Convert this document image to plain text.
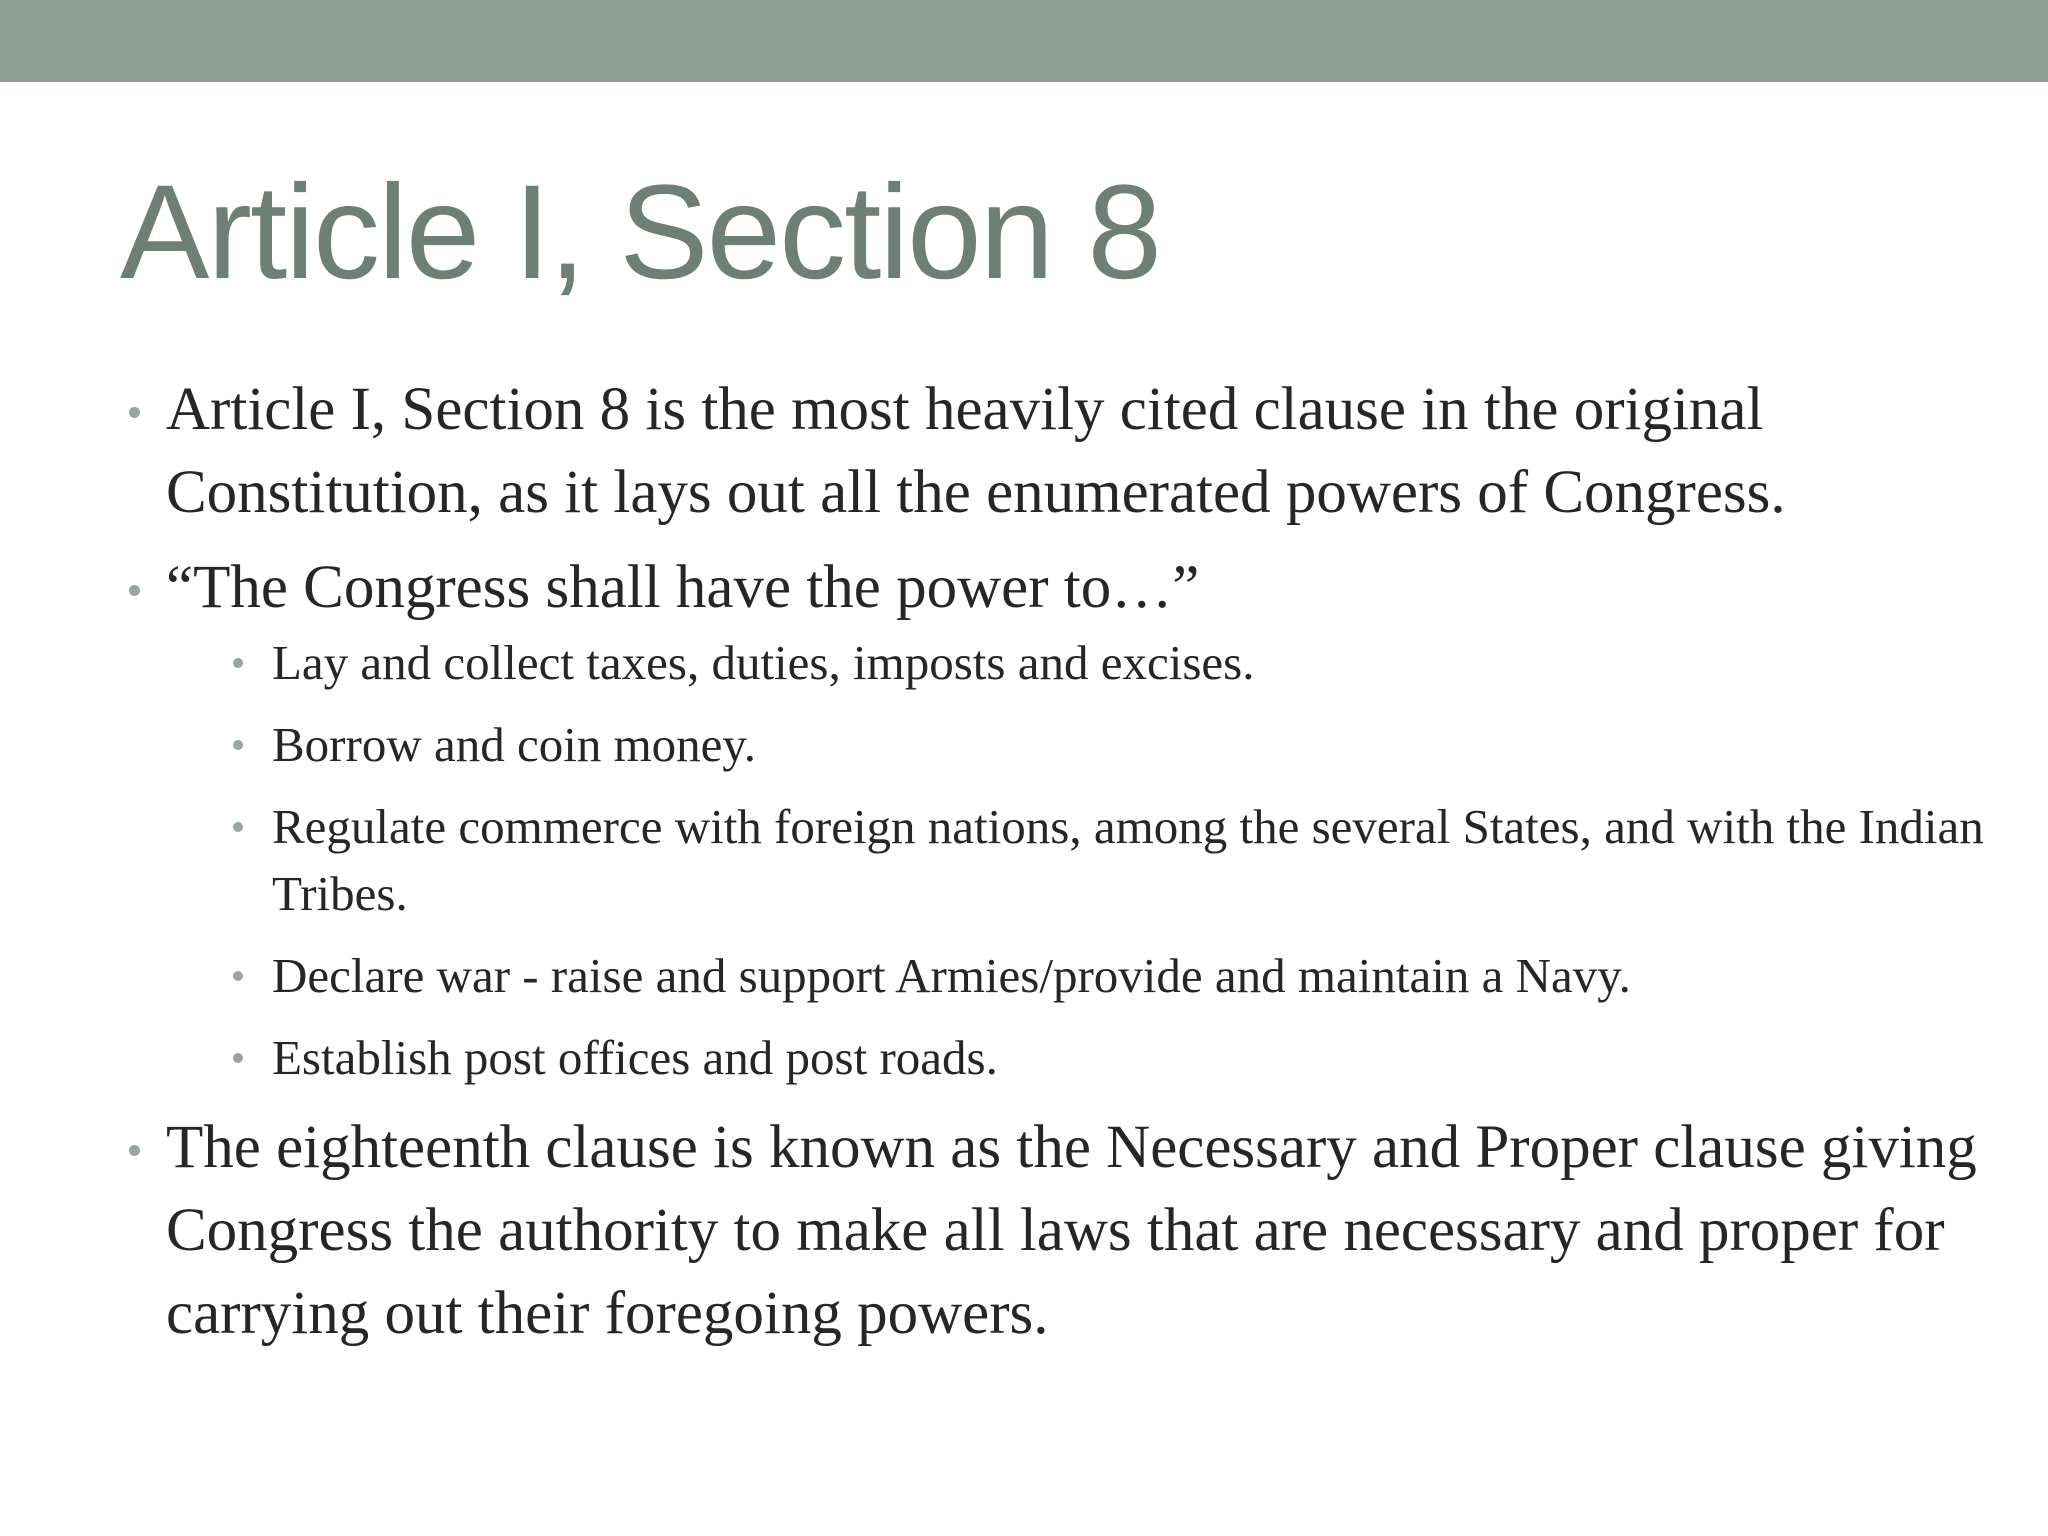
Article I, Section 8
Article I, Section 8 is the most heavily cited clause in the original Constitution, as it lays out all the enumerated powers of Congress.
“The Congress shall have the power to…”
Lay and collect taxes, duties, imposts and excises.
Borrow and coin money.
Regulate commerce with foreign nations, among the several States, and with the Indian Tribes.
Declare war - raise and support Armies/provide and maintain a Navy.
Establish post offices and post roads.
The eighteenth clause is known as the Necessary and Proper clause giving Congress the authority to make all laws that are necessary and proper for carrying out their foregoing powers.
